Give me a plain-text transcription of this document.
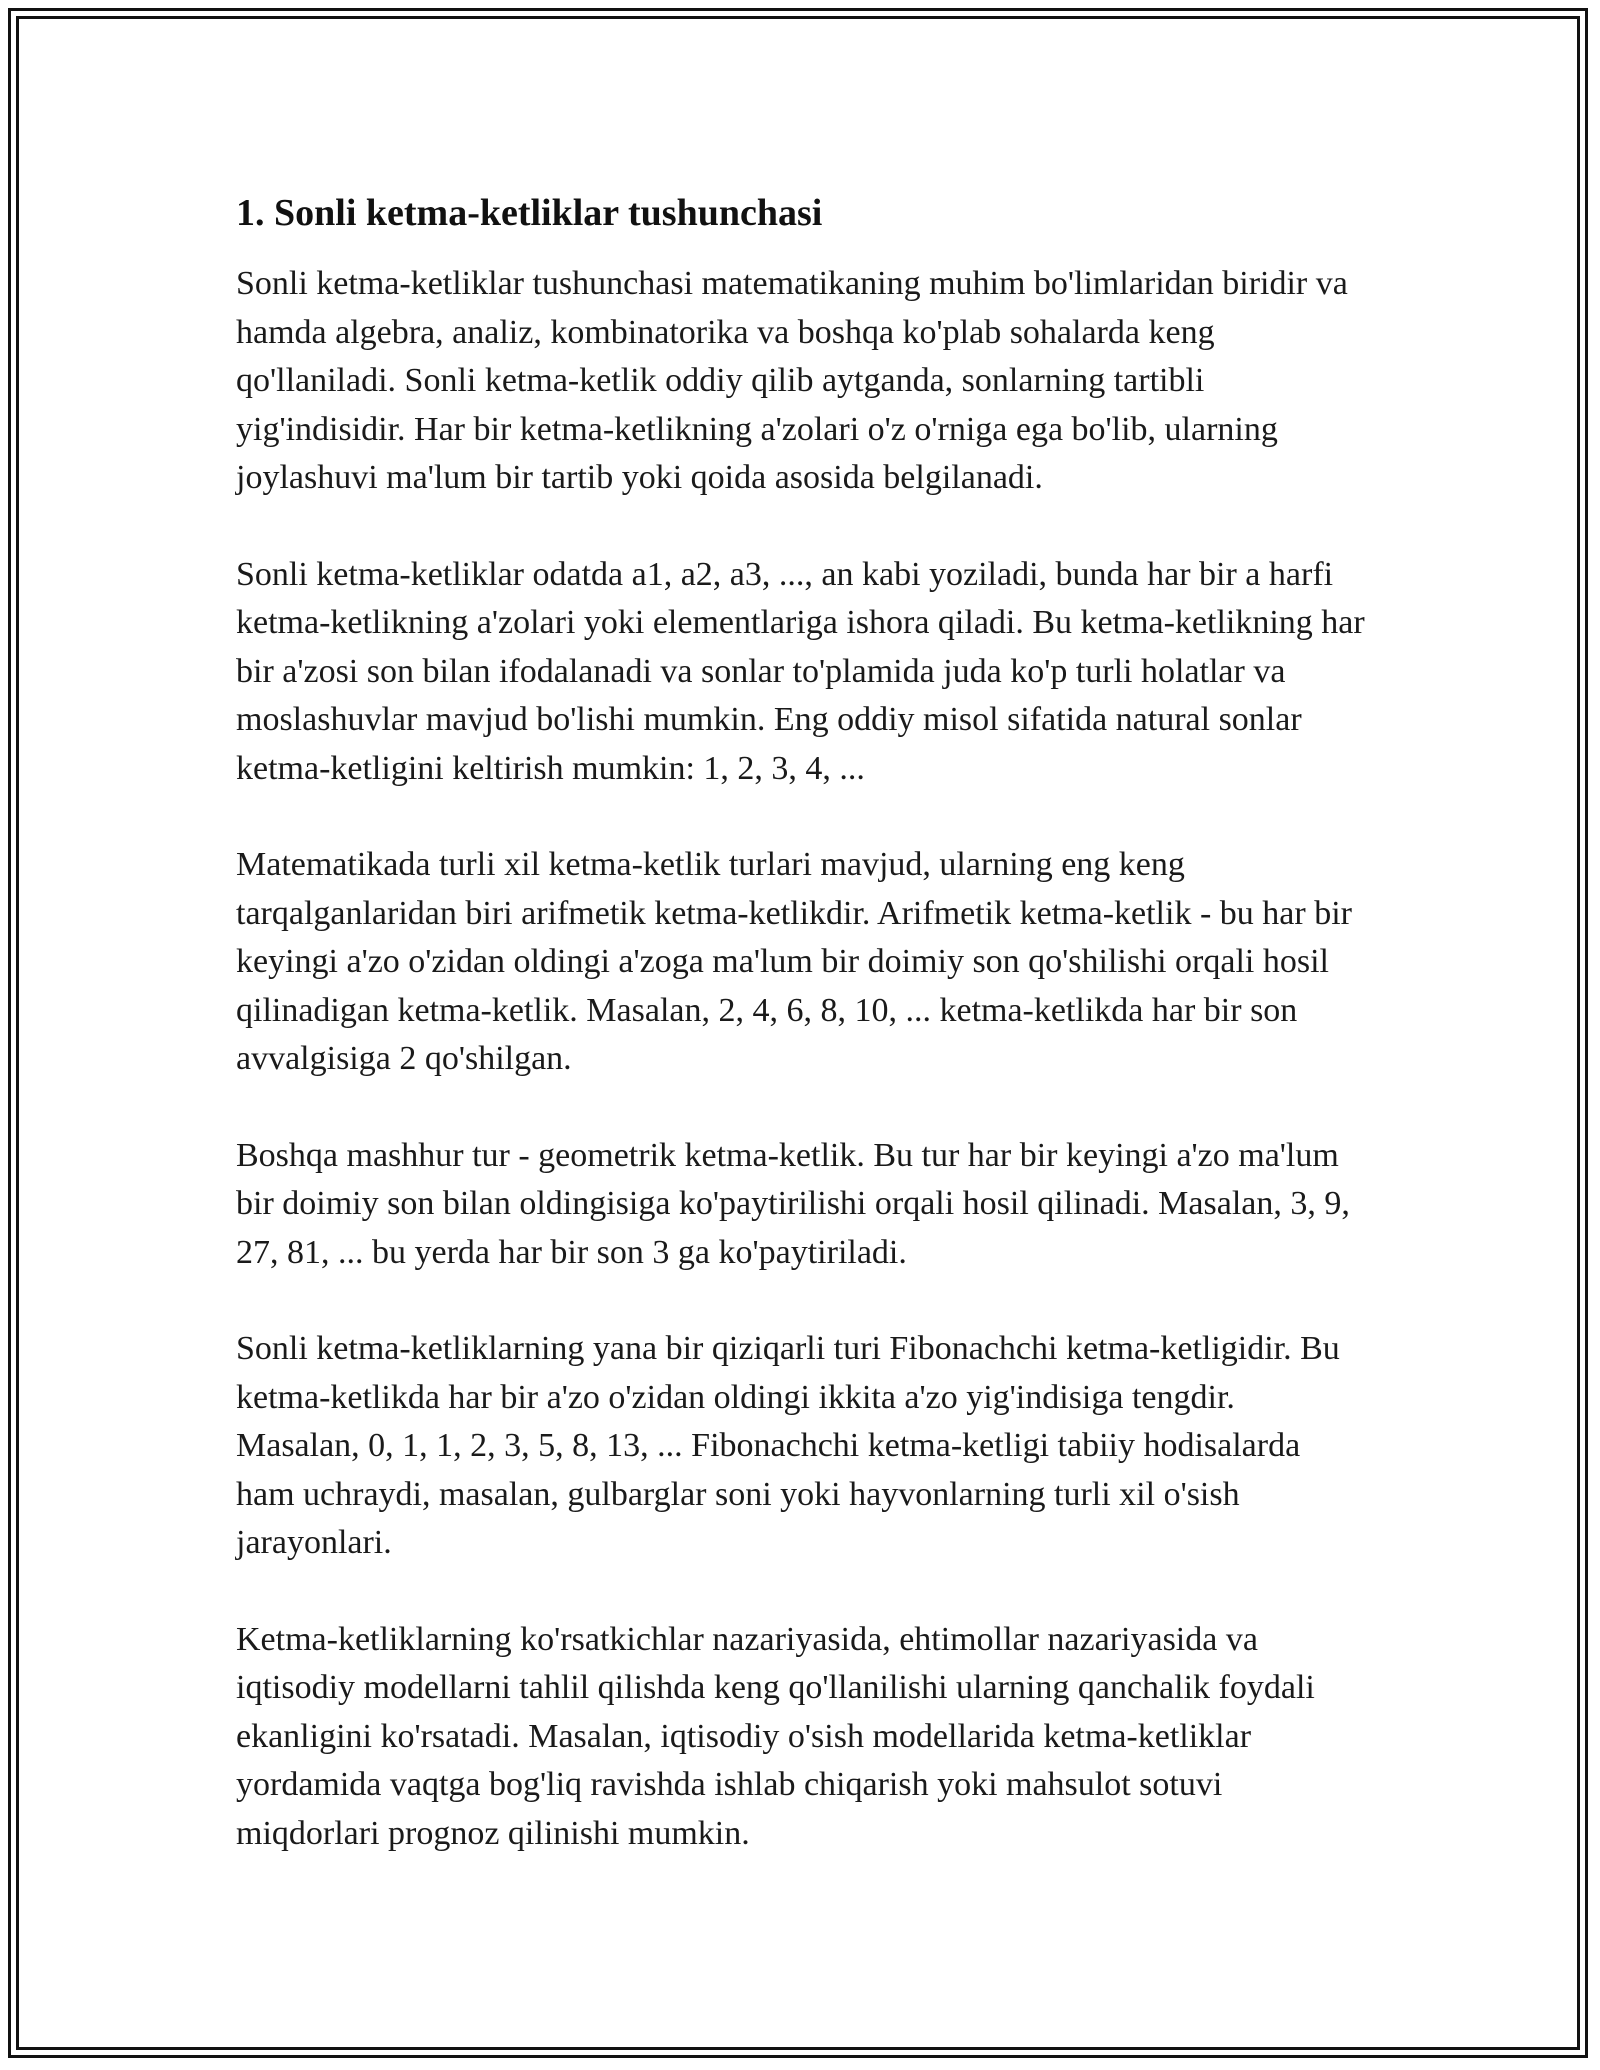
1. Sonli ketma-ketliklar tushunchasi

Sonli ketma-ketliklar tushunchasi matematikaning muhim bo'limlaridan biridir va hamda algebra, analiz, kombinatorika va boshqa ko'plab sohalarda keng qo'llaniladi. Sonli ketma-ketlik oddiy qilib aytganda, sonlarning tartibli yig'indisidir. Har bir ketma-ketlikning a'zolari o'z o'rniga ega bo'lib, ularning joylashuvi ma'lum bir tartib yoki qoida asosida belgilanadi.

Sonli ketma-ketliklar odatda a1, a2, a3, ..., an kabi yoziladi, bunda har bir a harfi ketma-ketlikning a'zolari yoki elementlariga ishora qiladi. Bu ketma-ketlikning har bir a'zosi son bilan ifodalanadi va sonlar to'plamida juda ko'p turli holatlar va moslashuvlar mavjud bo'lishi mumkin. Eng oddiy misol sifatida natural sonlar ketma-ketligini keltirish mumkin: 1, 2, 3, 4, ...

Matematikada turli xil ketma-ketlik turlari mavjud, ularning eng keng tarqalganlaridan biri arifmetik ketma-ketlikdir. Arifmetik ketma-ketlik - bu har bir keyingi a'zo o'zidan oldingi a'zoga ma'lum bir doimiy son qo'shilishi orqali hosil qilinadigan ketma-ketlik. Masalan, 2, 4, 6, 8, 10, ... ketma-ketlikda har bir son avvalgisiga 2 qo'shilgan.

Boshqa mashhur tur - geometrik ketma-ketlik. Bu tur har bir keyingi a'zo ma'lum bir doimiy son bilan oldingisiga ko'paytirilishi orqali hosil qilinadi. Masalan, 3, 9, 27, 81, ... bu yerda har bir son 3 ga ko'paytiriladi.

Sonli ketma-ketliklarning yana bir qiziqarli turi Fibonachchi ketma-ketligidir. Bu ketma-ketlikda har bir a'zo o'zidan oldingi ikkita a'zo yig'indisiga tengdir. Masalan, 0, 1, 1, 2, 3, 5, 8, 13, ... Fibonachchi ketma-ketligi tabiiy hodisalarda ham uchraydi, masalan, gulbarglar soni yoki hayvonlarning turli xil o'sish jarayonlari.

Ketma-ketliklarning ko'rsatkichlar nazariyasida, ehtimollar nazariyasida va iqtisodiy modellarni tahlil qilishda keng qo'llanilishi ularning qanchalik foydali ekanligini ko'rsatadi. Masalan, iqtisodiy o'sish modellarida ketma-ketliklar yordamida vaqtga bog'liq ravishda ishlab chiqarish yoki mahsulot sotuvi miqdorlari prognoz qilinishi mumkin.
